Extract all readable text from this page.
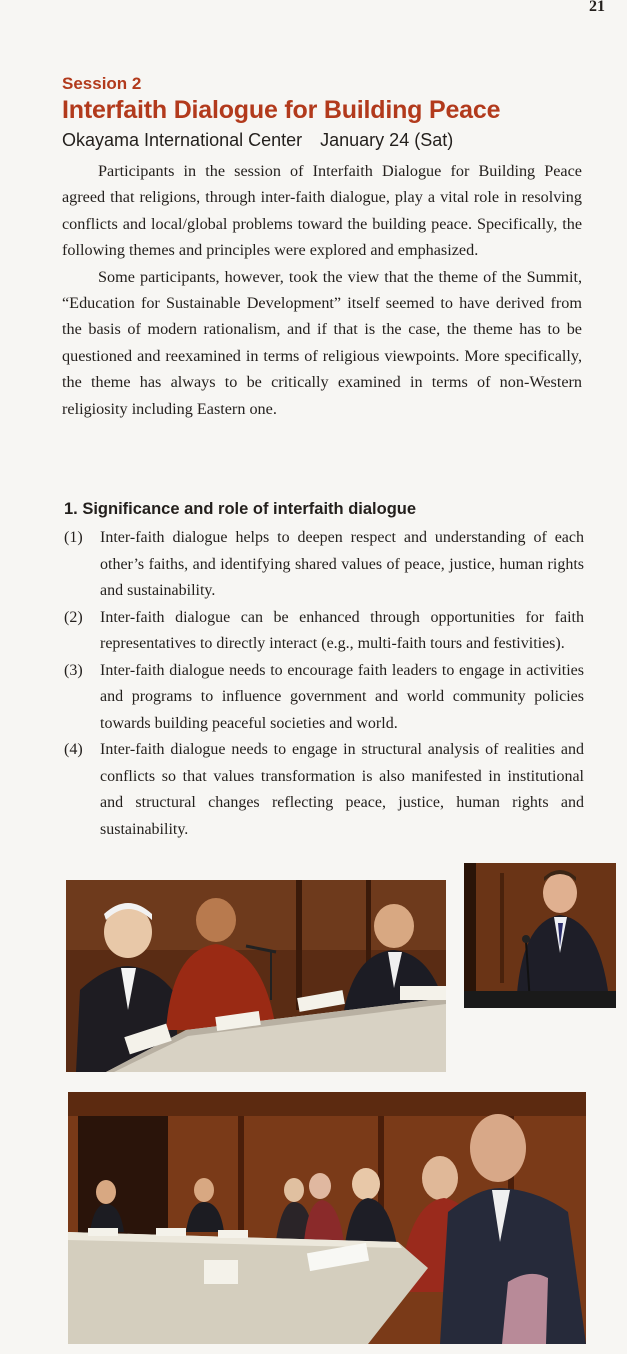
21
Session 2
Interfaith Dialogue for Building Peace
Okayama International Center January 24 (Sat)

Participants in the session of Interfaith Dialogue for Building Peace agreed that religions, through inter-faith dialogue, play a vital role in resolving conflicts and local/global problems toward the building peace. Specifically, the following themes and principles were explored and emphasized.

Some participants, however, took the view that the theme of the Summit, “Education for Sustainable Development” itself seemed to have derived from the basis of modern rationalism, and if that is the case, the theme has to be questioned and reexamined in terms of religious viewpoints. More specifically, the theme has always to be critically examined in terms of non-Western religiosity including Eastern one.

1. Significance and role of interfaith dialogue
(1) Inter-faith dialogue helps to deepen respect and understanding of each other’s faiths, and identifying shared values of peace, justice, human rights and sustainability.
(2) Inter-faith dialogue can be enhanced through opportunities for faith representatives to directly interact (e.g., multi-faith tours and festivities).
(3) Inter-faith dialogue needs to encourage faith leaders to engage in activities and programs to influence government and world community policies towards building peaceful societies and world.
(4) Inter-faith dialogue needs to engage in structural analysis of realities and conflicts so that values transformation is also manifested in institutional and structural changes reflecting peace, justice, human rights and sustainability.
